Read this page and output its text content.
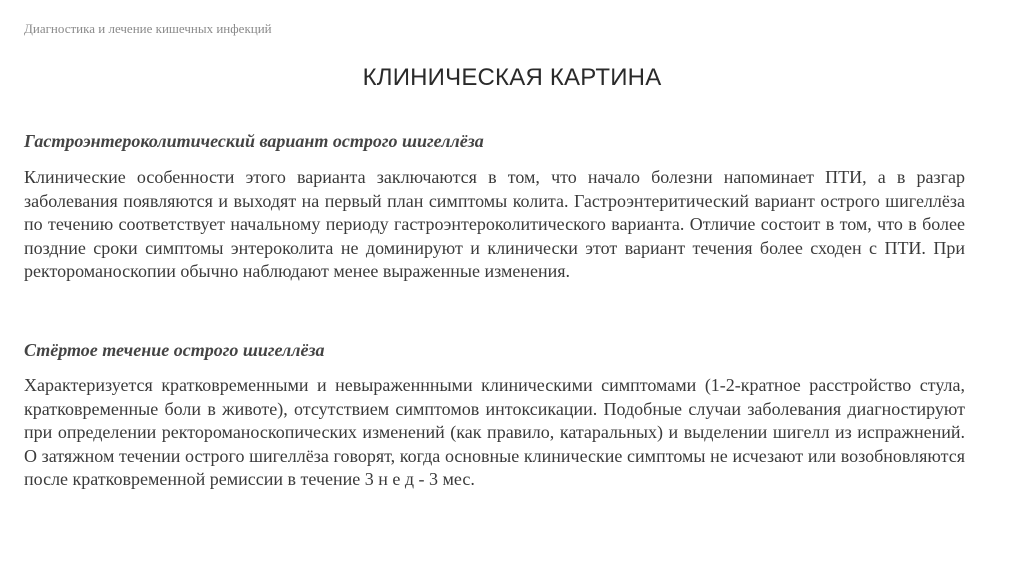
Диагностика и лечение кишечных инфекций
КЛИНИЧЕСКАЯ КАРТИНА
Гастроэнтероколитический вариант острого шигеллёза

Клинические особенности этого варианта заключаются в том, что начало болезни напоминает ПТИ, а в разгар заболевания появляются и выходят на первый план симптомы колита. Гастроэнтеритический вариант острого шигеллёза по течению соответствует начальному периоду гастроэнтероколитического варианта. Отличие состоит в том, что в более поздние сроки симптомы энтероколита не доминируют и клинически этот вариант течения более сходен с ПТИ. При ректороманоскопии обычно наблюдают менее выраженные изменения.

Стёртое течение острого шигеллёза

Характеризуется кратковременными и невыраженнными клиническими симптомами (1-2-кратное расстройство стула, кратковременные боли в животе), отсутствием симптомов интоксикации. Подобные случаи заболевания диагностируют при определении ректороманоскопических изменений (как правило, катаральных) и выделении шигелл из испражнений. О затяжном течении острого шигеллёза говорят, когда основные клинические симптомы не исчезают или возобновляются после кратковременной ремиссии в течение 3 н е д - 3 мес.
